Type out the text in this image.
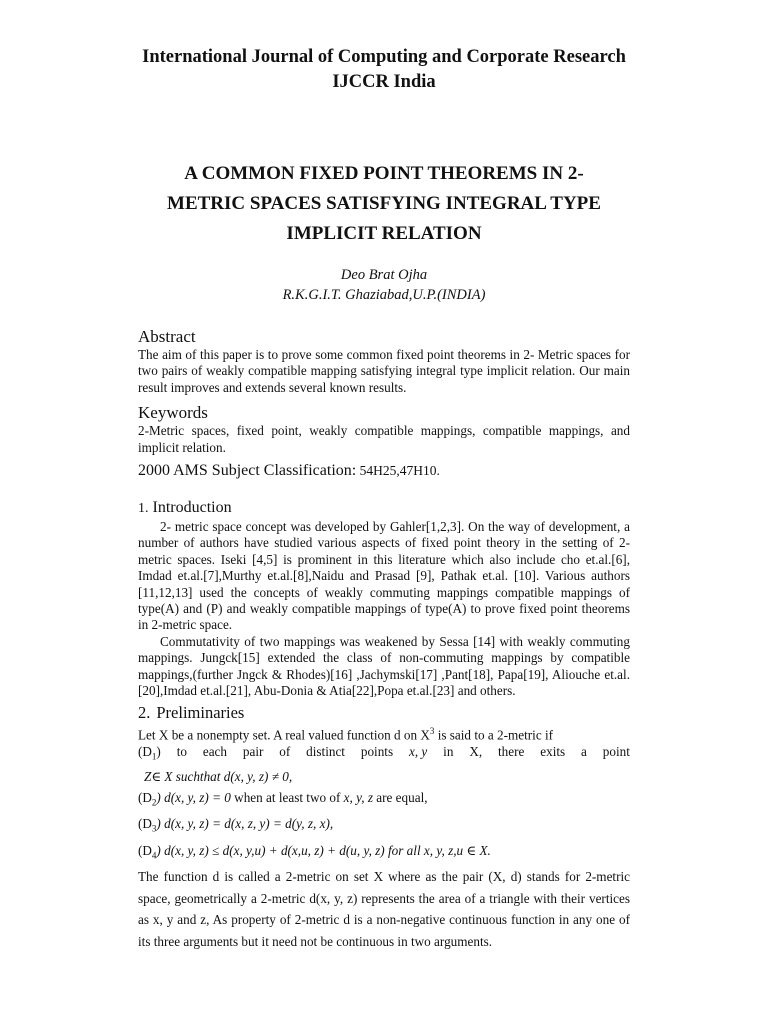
International Journal of Computing and Corporate Research
IJCCR India
A COMMON FIXED POINT THEOREMS IN 2-
METRIC SPACES SATISFYING INTEGRAL TYPE
IMPLICIT RELATION
Deo Brat Ojha
R.K.G.I.T. Ghaziabad,U.P.(INDIA)
Abstract

The aim of this paper is to prove some common fixed point theorems in 2- Metric spaces for two pairs of weakly compatible mapping satisfying integral type implicit relation. Our main result improves and extends several known results.

Keywords

2-Metric spaces, fixed point, weakly compatible mappings, compatible mappings, and implicit relation.

2000 AMS Subject Classification: 54H25,47H10.
1. Introduction

2- metric space concept was developed by Gahler[1,2,3]. On the way of development, a number of authors have studied various aspects of fixed point theory in the setting of 2-metric spaces. Iseki [4,5] is prominent in this literature which also include cho et.al.[6], Imdad et.al.[7],Murthy et.al.[8],Naidu and Prasad [9], Pathak et.al. [10]. Various authors [11,12,13] used the concepts of weakly commuting mappings compatible mappings of type(A) and (P) and weakly compatible mappings of type(A) to prove fixed point theorems in 2-metric space.

Commutativity of two mappings was weakened by Sessa [14] with weakly commuting mappings. Jungck[15] extended the class of non-commuting mappings by compatible mappings,(further Jngck & Rhodes)[16] ,Jachymski[17] ,Pant[18], Papa[19], Aliouche et.al.[20],Imdad et.al.[21], Abu-Donia & Atia[22],Popa et.al.[23] and others.

2. Preliminaries
Let X be a nonempty set. A real valued function d on $X^3$ is said to a 2-metric if
$(D_1)$ to each pair of distinct points x, y in X, there exits a point
Z∈ X suchthat d(x, y, z) ≠ 0,
$(D_2)$ d(x, y, z) = 0 when at least two of x, y, z are equal,
$(D_3)$ d(x, y, z) = d(x, z, y) = d(y, z, x),
$(D_4)$ d(x, y, z) ≤ d(x, y,u) + d(x,u, z) + d(u, y, z) for all x, y, z,u ∈ X.

The function d is called a 2-metric on set X where as the pair (X, d) stands for 2-metric space, geometrically a 2-metric d(x, y, z) represents the area of a triangle with their vertices as x, y and z, As property of 2-metric d is a non-negative continuous function in any one of its three arguments but it need not be continuous in two arguments.
